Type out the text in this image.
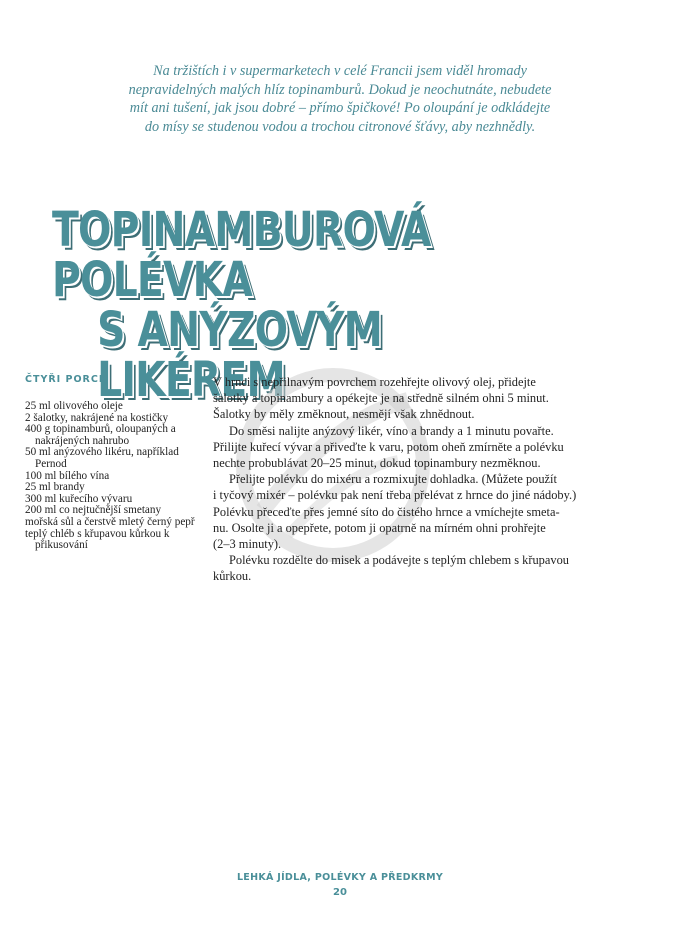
Na tržištích i v supermarketech v celé Francii jsem viděl hromady
nepravidelných malých hlíz topinamburů. Dokud je neochutnáte, nebudete
mít ani tušení, jak jsou dobré – přímo špičkové! Po oloupání je odkládejte
do mísy se studenou vodou a trochou citronové šťávy, aby nezhnědly.
TOPINAMBUROVÁ POLÉVKA
S ANÝZOVÝM LIKÉREM
ČTYŘI PORCE
25 ml olivového oleje
2 šalotky, nakrájené na kostičky
400 g topinamburů, oloupaných a nakrájených nahrubo
50 ml anýzového likéru, například Pernod
100 ml bílého vína
25 ml brandy
300 ml kuřecího vývaru
200 ml co nejtučnější smetany
mořská sůl a čerstvě mletý černý pepř
teplý chléb s křupavou kůrkou k přikusování

V hrnci s nepřilnavým povrchem rozehřejte olivový olej, přidejte
šalotky a topinambury a opékejte je na středně silném ohni 5 minut.
Šalotky by měly změknout, nesmějí však zhnědnout.

Do směsi nalijte anýzový likér, víno a brandy a 1 minutu povařte.
Přilijte kuřecí vývar a přiveďte k varu, potom oheň zmírněte a polévku
nechte probublávat 20–25 minut, dokud topinambury nezměknou.

Přelijte polévku do mixéru a rozmixujte dohladka. (Můžete použít
i tyčový mixér – polévku pak není třeba přelévat z hrnce do jiné nádoby.)
Polévku přeceďte přes jemné síto do čistého hrnce a vmíchejte smeta-
nu. Osolte ji a opepřete, potom ji opatrně na mírném ohni prohřejte
(2–3 minuty).

Polévku rozdělte do misek a podávejte s teplým chlebem s křupavou
kůrkou.

LEHKÁ JÍDLA, POLÉVKY A PŘEDKRMY
20
